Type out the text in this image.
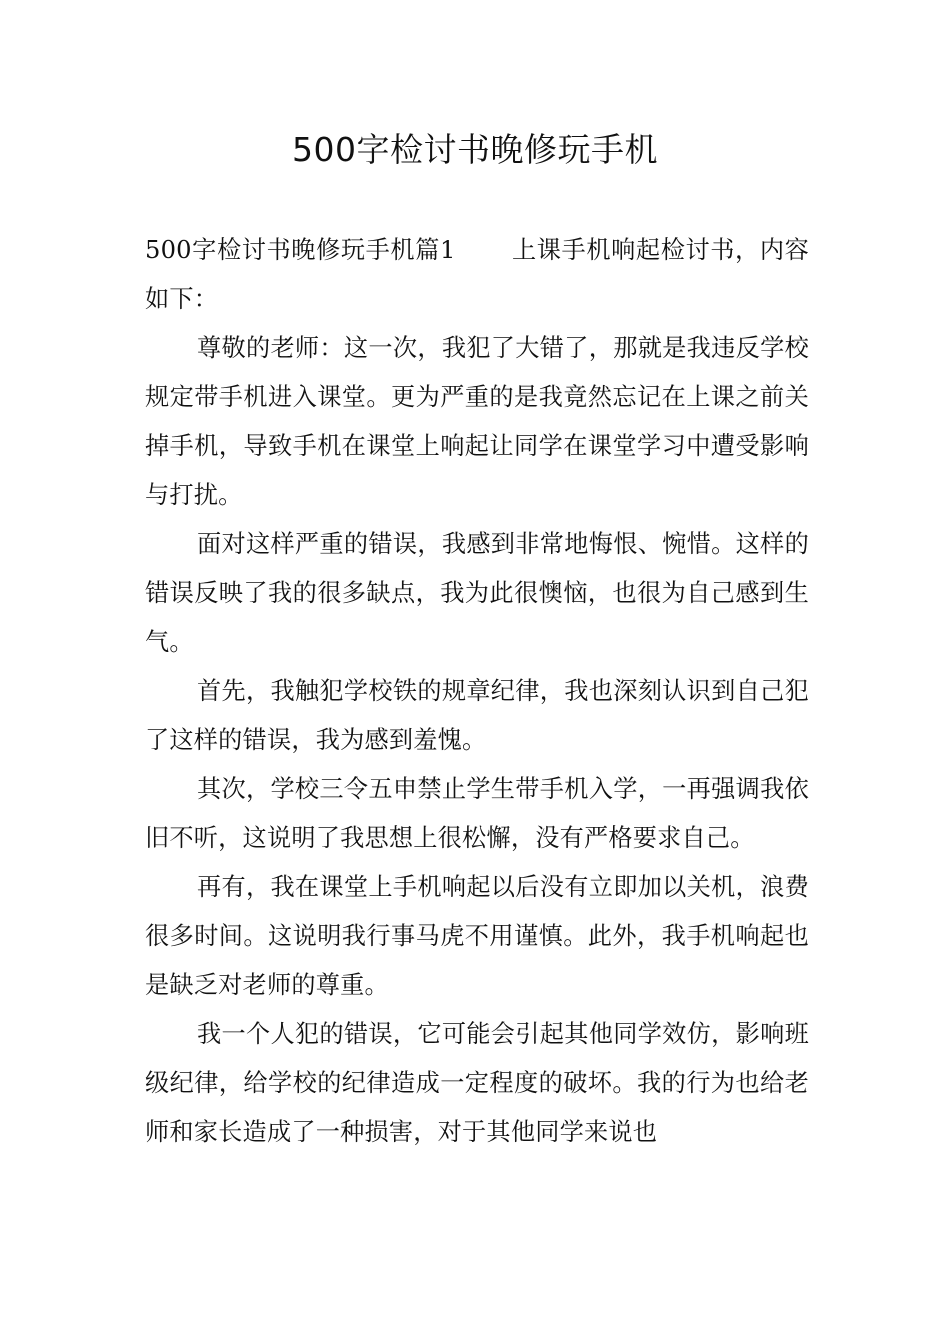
500字检讨书晚修玩手机

500字检讨书晚修玩手机篇1 上课手机响起检讨书，内容如下：

尊敬的老师：这一次，我犯了大错了，那就是我违反学校规定带手机进入课堂。更为严重的是我竟然忘记在上课之前关掉手机，导致手机在课堂上响起让同学在课堂学习中遭受影响与打扰。

面对这样严重的错误，我感到非常地悔恨、惋惜。这样的错误反映了我的很多缺点，我为此很懊恼，也很为自己感到生气。

首先，我触犯学校铁的规章纪律，我也深刻认识到自己犯了这样的错误，我为感到羞愧。

其次，学校三令五申禁止学生带手机入学，一再强调我依旧不听，这说明了我思想上很松懈，没有严格要求自己。

再有，我在课堂上手机响起以后没有立即加以关机，浪费很多时间。这说明我行事马虎不用谨慎。此外，我手机响起也是缺乏对老师的尊重。

我一个人犯的错误，它可能会引起其他同学效仿，影响班级纪律，给学校的纪律造成一定程度的破坏。我的行为也给老师和家长造成了一种损害，对于其他同学来说也
